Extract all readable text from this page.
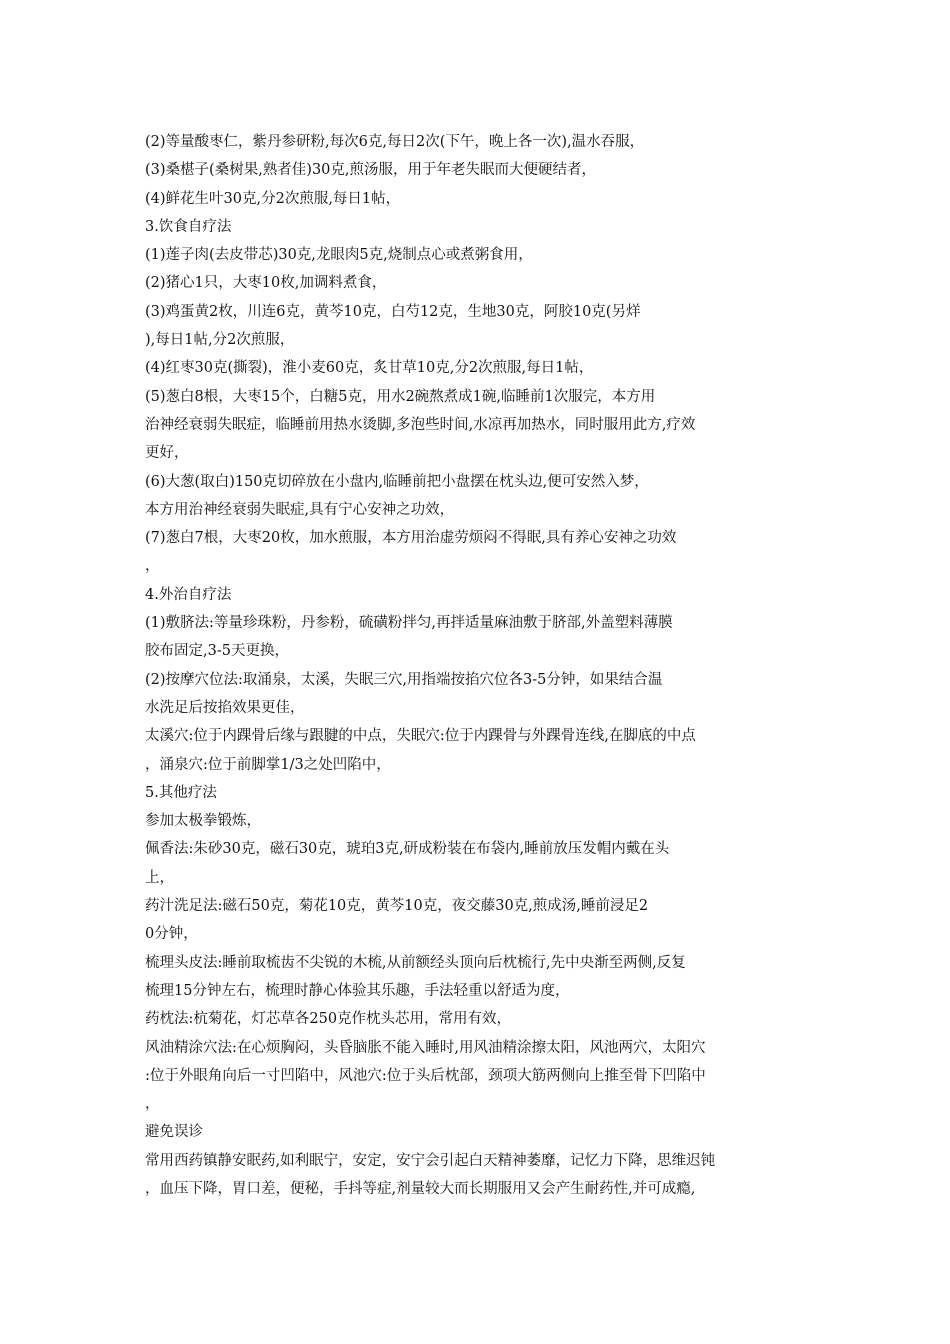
(2)等量酸枣仁，紫丹参研粉,每次6克,每日2次(下午，晚上各一次),温水吞服，
(3)桑椹子(桑树果,熟者佳)30克,煎汤服，用于年老失眠而大便硬结者，
(4)鲜花生叶30克,分2次煎服,每日1帖，
3.饮食自疗法
(1)莲子肉(去皮带芯)30克,龙眼肉5克,烧制点心或煮粥食用，
(2)猪心1只，大枣10枚,加调料煮食，
(3)鸡蛋黄2枚，川连6克，黄芩10克，白芍12克，生地30克，阿胶10克(另烊
),每日1帖,分2次煎服，
(4)红枣30克(撕裂)，淮小麦60克，炙甘草10克,分2次煎服,每日1帖，
(5)葱白8根，大枣15个，白糖5克，用水2碗熬煮成1碗,临睡前1次服完，本方用
治神经衰弱失眠症，临睡前用热水烫脚,多泡些时间,水凉再加热水，同时服用此方,疗效
更好，
(6)大葱(取白)150克切碎放在小盘内,临睡前把小盘摆在枕头边,便可安然入梦，
本方用治神经衰弱失眠症,具有宁心安神之功效，
(7)葱白7根，大枣20枚，加水煎服，本方用治虚劳烦闷不得眠,具有养心安神之功效
，
4.外治自疗法
(1)敷脐法:等量珍珠粉，丹参粉，硫磺粉拌匀,再拌适量麻油敷于脐部,外盖塑料薄膜
胶布固定,3-5天更换，
(2)按摩穴位法:取涌泉，太溪，失眠三穴,用指端按掐穴位各3-5分钟，如果结合温
水洗足后按掐效果更佳，
太溪穴:位于内踝骨后缘与跟腱的中点，失眠穴:位于内踝骨与外踝骨连线,在脚底的中点
，涌泉穴:位于前脚掌1/3之处凹陷中，
5.其他疗法
参加太极拳锻炼，
佩香法:朱砂30克，磁石30克，琥珀3克,研成粉装在布袋内,睡前放压发帽内戴在头
上，
药汁洗足法:磁石50克，菊花10克，黄芩10克，夜交藤30克,煎成汤,睡前浸足2
0分钟，
梳理头皮法:睡前取梳齿不尖锐的木梳,从前额经头顶向后枕梳行,先中央渐至两侧,反复
梳理15分钟左右，梳理时静心体验其乐趣，手法轻重以舒适为度，
药枕法:杭菊花，灯芯草各250克作枕头芯用，常用有效，
风油精涂穴法:在心烦胸闷，头昏脑胀不能入睡时,用风油精涂擦太阳，风池两穴，太阳穴
:位于外眼角向后一寸凹陷中，风池穴:位于头后枕部，颈项大筋两侧向上推至骨下凹陷中
，
避免误诊
常用西药镇静安眠药,如利眠宁，安定，安宁会引起白天精神萎靡，记忆力下降，思维迟钝
，血压下降，胃口差，便秘，手抖等症,剂量较大而长期服用又会产生耐药性,并可成瘾,
